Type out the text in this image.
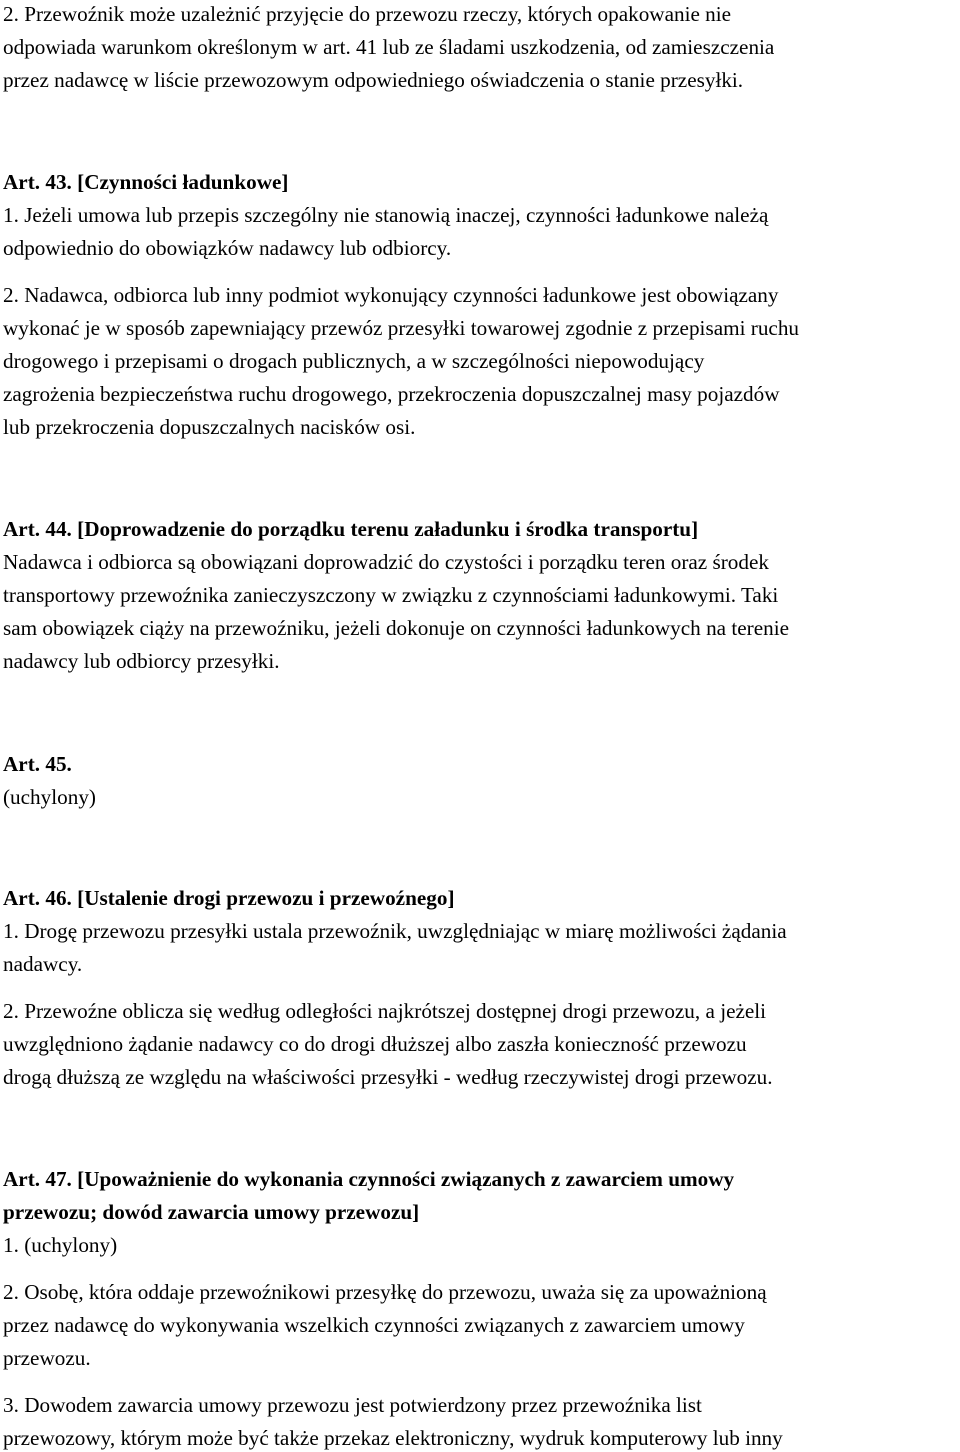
2. Przewoźnik może uzależnić przyjęcie do przewozu rzeczy, których opakowanie nie
odpowiada warunkom określonym w art. 41 lub ze śladami uszkodzenia, od zamieszczenia
przez nadawcę w liście przewozowym odpowiedniego oświadczenia o stanie przesyłki.
Art. 43. [Czynności ładunkowe]
1. Jeżeli umowa lub przepis szczególny nie stanowią inaczej, czynności ładunkowe należą
odpowiednio do obowiązków nadawcy lub odbiorcy.
2. Nadawca, odbiorca lub inny podmiot wykonujący czynności ładunkowe jest obowiązany
wykonać je w sposób zapewniający przewóz przesyłki towarowej zgodnie z przepisami ruchu
drogowego i przepisami o drogach publicznych, a w szczególności niepowodujący
zagrożenia bezpieczeństwa ruchu drogowego, przekroczenia dopuszczalnej masy pojazdów
lub przekroczenia dopuszczalnych nacisków osi.
Art. 44. [Doprowadzenie do porządku terenu załadunku i środka transportu]
Nadawca i odbiorca są obowiązani doprowadzić do czystości i porządku teren oraz środek
transportowy przewoźnika zanieczyszczony w związku z czynnościami ładunkowymi. Taki
sam obowiązek ciąży na przewoźniku, jeżeli dokonuje on czynności ładunkowych na terenie
nadawcy lub odbiorcy przesyłki.
Art. 45.
(uchylony)
Art. 46. [Ustalenie drogi przewozu i przewoźnego]
1. Drogę przewozu przesyłki ustala przewoźnik, uwzględniając w miarę możliwości żądania
nadawcy.
2. Przewoźne oblicza się według odległości najkrótszej dostępnej drogi przewozu, a jeżeli
uwzględniono żądanie nadawcy co do drogi dłuższej albo zaszła konieczność przewozu
drogą dłuższą ze względu na właściwości przesyłki - według rzeczywistej drogi przewozu.
Art. 47. [Upoważnienie do wykonania czynności związanych z zawarciem umowy
przewozu; dowód zawarcia umowy przewozu]
1. (uchylony)
2. Osobę, która oddaje przewoźnikowi przesyłkę do przewozu, uważa się za upoważnioną
przez nadawcę do wykonywania wszelkich czynności związanych z zawarciem umowy
przewozu.
3. Dowodem zawarcia umowy przewozu jest potwierdzony przez przewoźnika list
przewozowy, którym może być także przekaz elektroniczny, wydruk komputerowy lub inny
